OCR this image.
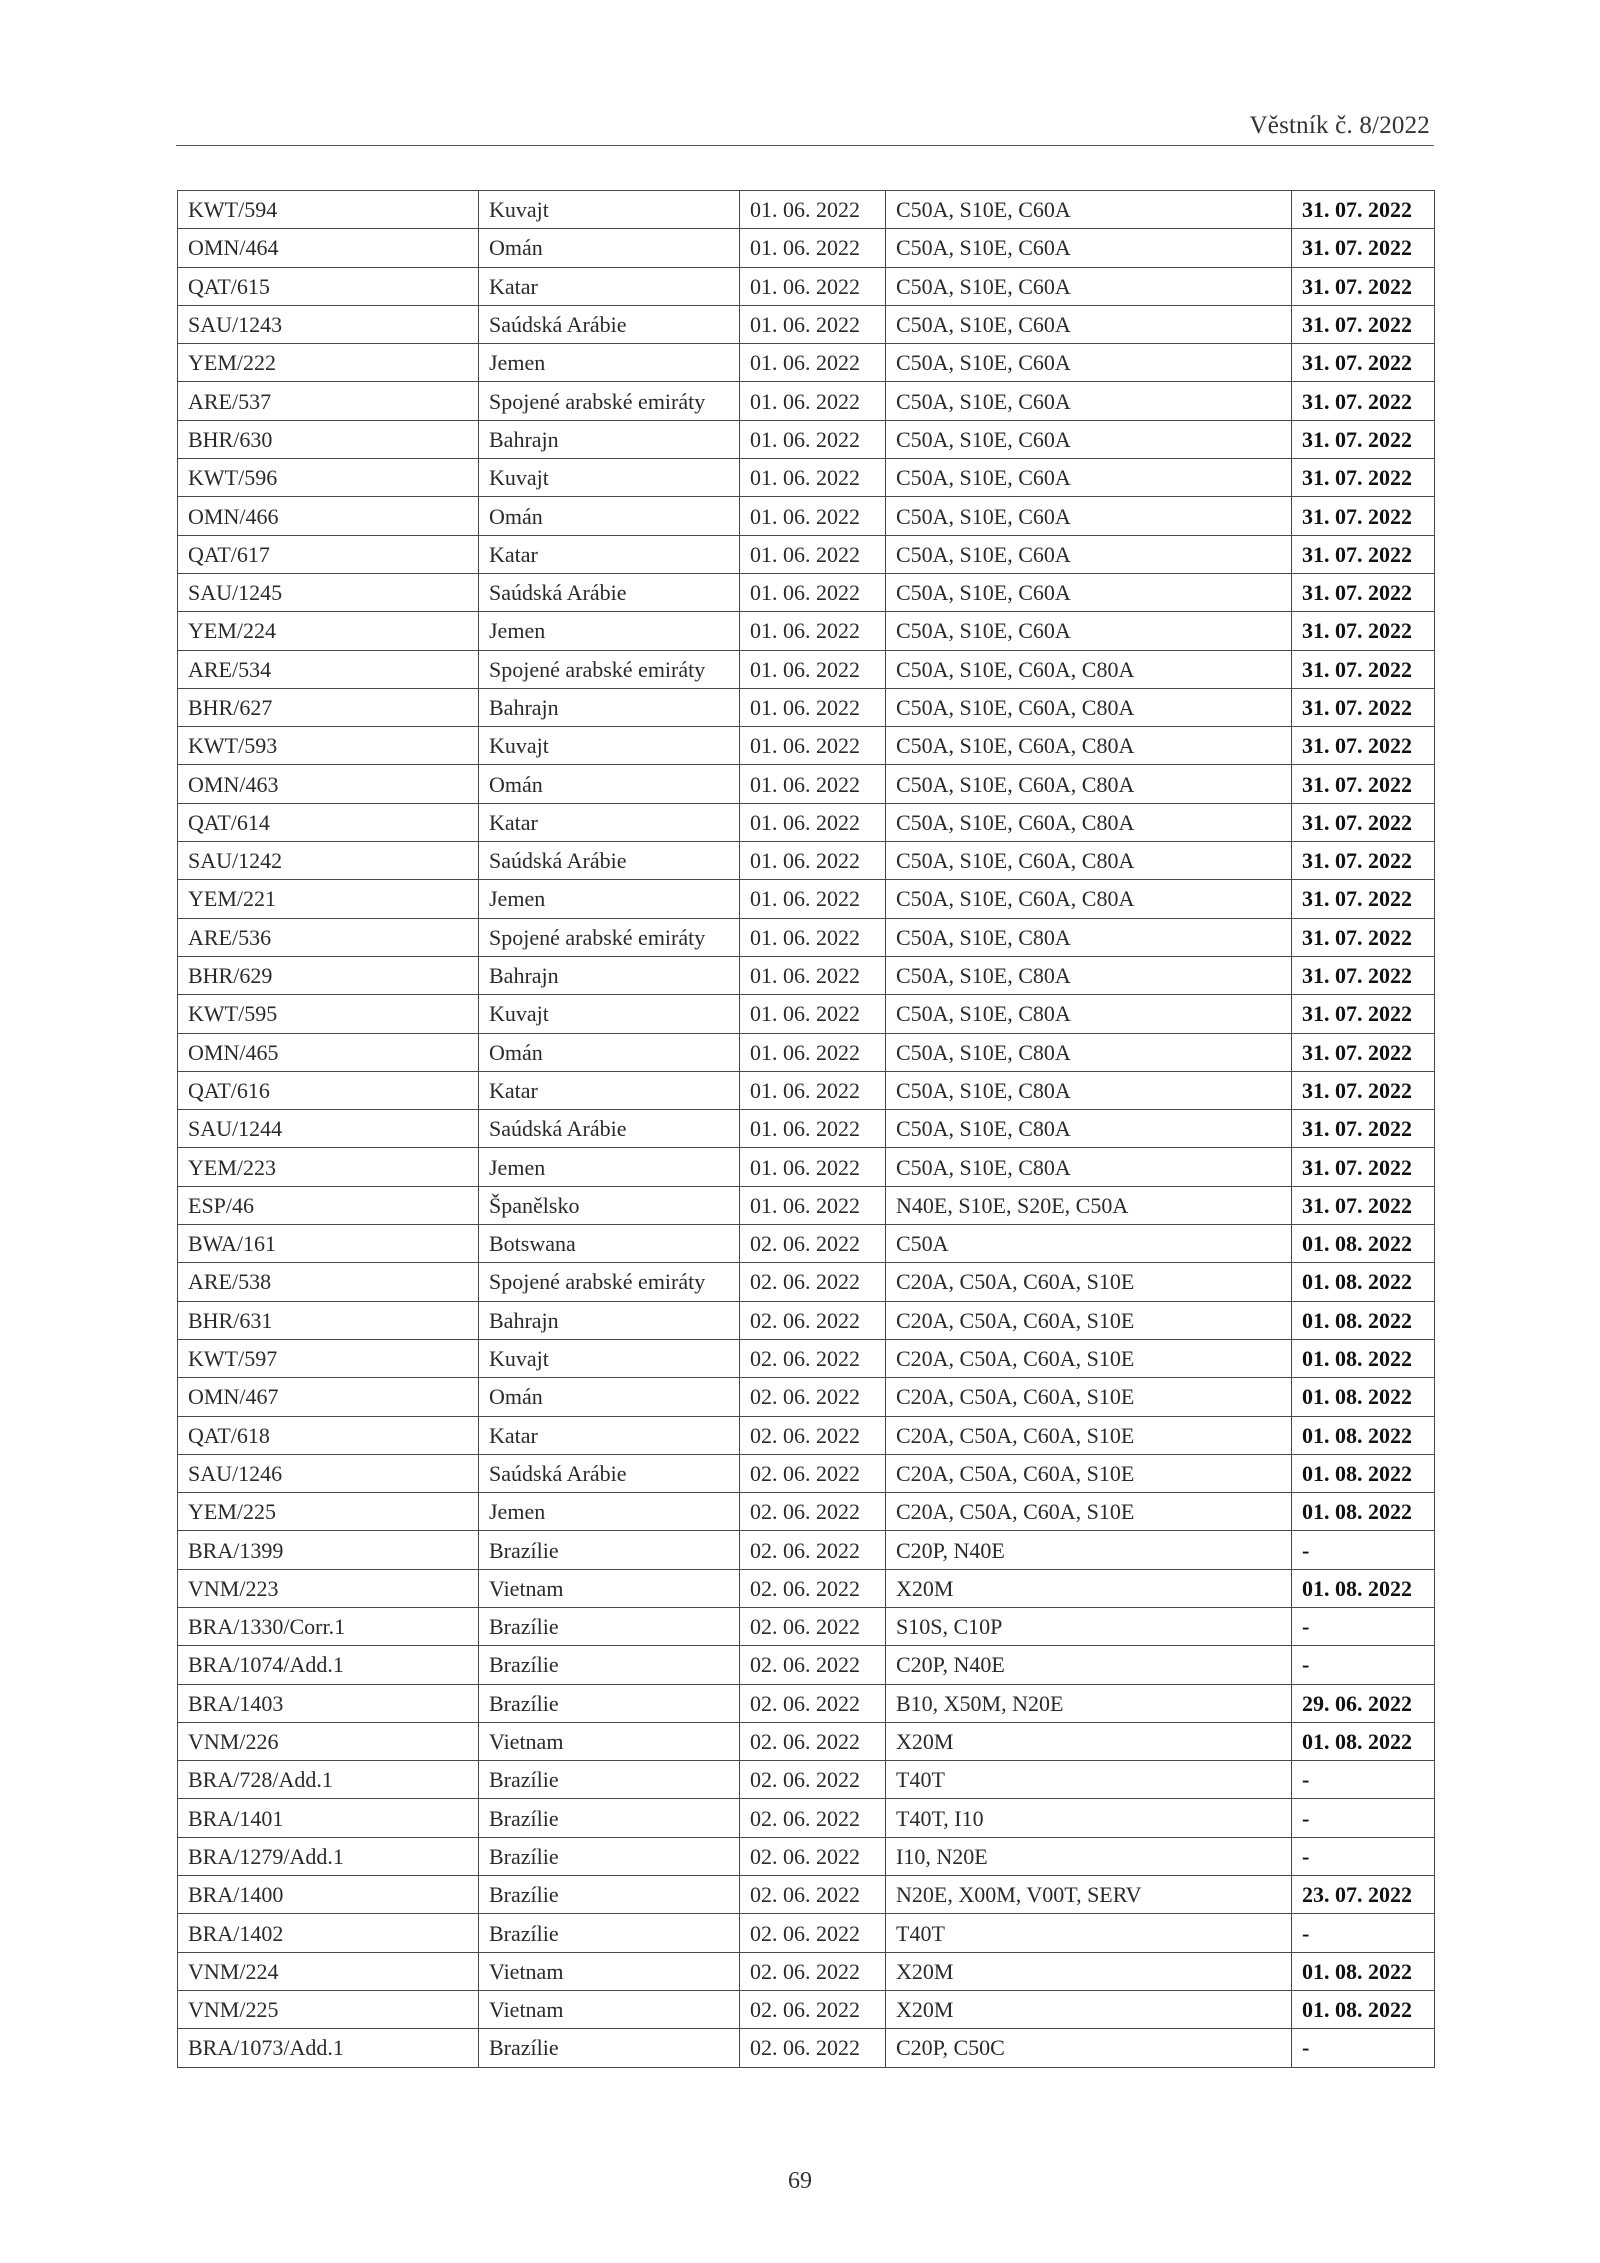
Věstník č. 8/2022
KWT/594	Kuvajt	01. 06. 2022	C50A, S10E, C60A	31. 07. 2022
OMN/464	Omán	01. 06. 2022	C50A, S10E, C60A	31. 07. 2022
QAT/615	Katar	01. 06. 2022	C50A, S10E, C60A	31. 07. 2022
SAU/1243	Saúdská Arábie	01. 06. 2022	C50A, S10E, C60A	31. 07. 2022
YEM/222	Jemen	01. 06. 2022	C50A, S10E, C60A	31. 07. 2022
ARE/537	Spojené arabské emiráty	01. 06. 2022	C50A, S10E, C60A	31. 07. 2022
BHR/630	Bahrajn	01. 06. 2022	C50A, S10E, C60A	31. 07. 2022
KWT/596	Kuvajt	01. 06. 2022	C50A, S10E, C60A	31. 07. 2022
OMN/466	Omán	01. 06. 2022	C50A, S10E, C60A	31. 07. 2022
QAT/617	Katar	01. 06. 2022	C50A, S10E, C60A	31. 07. 2022
SAU/1245	Saúdská Arábie	01. 06. 2022	C50A, S10E, C60A	31. 07. 2022
YEM/224	Jemen	01. 06. 2022	C50A, S10E, C60A	31. 07. 2022
ARE/534	Spojené arabské emiráty	01. 06. 2022	C50A, S10E, C60A, C80A	31. 07. 2022
BHR/627	Bahrajn	01. 06. 2022	C50A, S10E, C60A, C80A	31. 07. 2022
KWT/593	Kuvajt	01. 06. 2022	C50A, S10E, C60A, C80A	31. 07. 2022
OMN/463	Omán	01. 06. 2022	C50A, S10E, C60A, C80A	31. 07. 2022
QAT/614	Katar	01. 06. 2022	C50A, S10E, C60A, C80A	31. 07. 2022
SAU/1242	Saúdská Arábie	01. 06. 2022	C50A, S10E, C60A, C80A	31. 07. 2022
YEM/221	Jemen	01. 06. 2022	C50A, S10E, C60A, C80A	31. 07. 2022
ARE/536	Spojené arabské emiráty	01. 06. 2022	C50A, S10E, C80A	31. 07. 2022
BHR/629	Bahrajn	01. 06. 2022	C50A, S10E, C80A	31. 07. 2022
KWT/595	Kuvajt	01. 06. 2022	C50A, S10E, C80A	31. 07. 2022
OMN/465	Omán	01. 06. 2022	C50A, S10E, C80A	31. 07. 2022
QAT/616	Katar	01. 06. 2022	C50A, S10E, C80A	31. 07. 2022
SAU/1244	Saúdská Arábie	01. 06. 2022	C50A, S10E, C80A	31. 07. 2022
YEM/223	Jemen	01. 06. 2022	C50A, S10E, C80A	31. 07. 2022
ESP/46	Španělsko	01. 06. 2022	N40E, S10E, S20E, C50A	31. 07. 2022
BWA/161	Botswana	02. 06. 2022	C50A	01. 08. 2022
ARE/538	Spojené arabské emiráty	02. 06. 2022	C20A, C50A, C60A, S10E	01. 08. 2022
BHR/631	Bahrajn	02. 06. 2022	C20A, C50A, C60A, S10E	01. 08. 2022
KWT/597	Kuvajt	02. 06. 2022	C20A, C50A, C60A, S10E	01. 08. 2022
OMN/467	Omán	02. 06. 2022	C20A, C50A, C60A, S10E	01. 08. 2022
QAT/618	Katar	02. 06. 2022	C20A, C50A, C60A, S10E	01. 08. 2022
SAU/1246	Saúdská Arábie	02. 06. 2022	C20A, C50A, C60A, S10E	01. 08. 2022
YEM/225	Jemen	02. 06. 2022	C20A, C50A, C60A, S10E	01. 08. 2022
BRA/1399	Brazílie	02. 06. 2022	C20P, N40E	-
VNM/223	Vietnam	02. 06. 2022	X20M	01. 08. 2022
BRA/1330/Corr.1	Brazílie	02. 06. 2022	S10S, C10P	-
BRA/1074/Add.1	Brazílie	02. 06. 2022	C20P, N40E	-
BRA/1403	Brazílie	02. 06. 2022	B10, X50M, N20E	29. 06. 2022
VNM/226	Vietnam	02. 06. 2022	X20M	01. 08. 2022
BRA/728/Add.1	Brazílie	02. 06. 2022	T40T	-
BRA/1401	Brazílie	02. 06. 2022	T40T, I10	-
BRA/1279/Add.1	Brazílie	02. 06. 2022	I10, N20E	-
BRA/1400	Brazílie	02. 06. 2022	N20E, X00M, V00T, SERV	23. 07. 2022
BRA/1402	Brazílie	02. 06. 2022	T40T	-
VNM/224	Vietnam	02. 06. 2022	X20M	01. 08. 2022
VNM/225	Vietnam	02. 06. 2022	X20M	01. 08. 2022
BRA/1073/Add.1	Brazílie	02. 06. 2022	C20P, C50C	-
69
